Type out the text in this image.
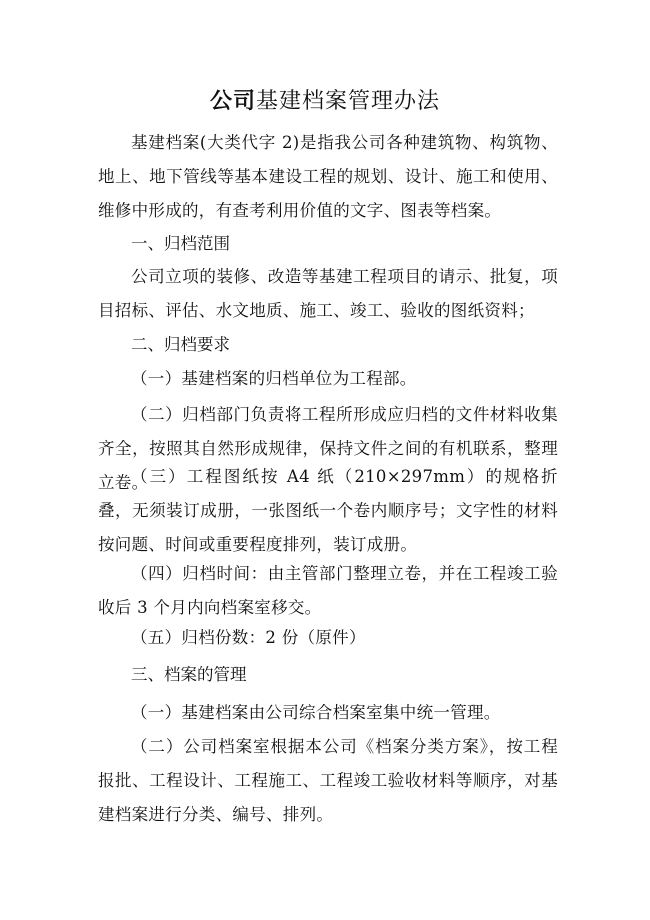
公司基建档案管理办法

基建档案(大类代字 2)是指我公司各种建筑物、构筑物、地上、地下管线等基本建设工程的规划、设计、施工和使用、维修中形成的，有查考利用价值的文字、图表等档案。

一、归档范围

公司立项的装修、改造等基建工程项目的请示、批复，项目招标、评估、水文地质、施工、竣工、验收的图纸资料；

二、归档要求

（一）基建档案的归档单位为工程部。

（二）归档部门负责将工程所形成应归档的文件材料收集齐全，按照其自然形成规律，保持文件之间的有机联系，整理立卷。

（三）工程图纸按 A4 纸（210×297mm）的规格折叠，无须装订成册，一张图纸一个卷内顺序号；文字性的材料按问题、时间或重要程度排列，装订成册。

（四）归档时间：由主管部门整理立卷，并在工程竣工验收后 3 个月内向档案室移交。

（五）归档份数：2 份（原件）

三、档案的管理

（一）基建档案由公司综合档案室集中统一管理。

（二）公司档案室根据本公司《档案分类方案》，按工程报批、工程设计、工程施工、工程竣工验收材料等顺序，对基建档案进行分类、编号、排列。
